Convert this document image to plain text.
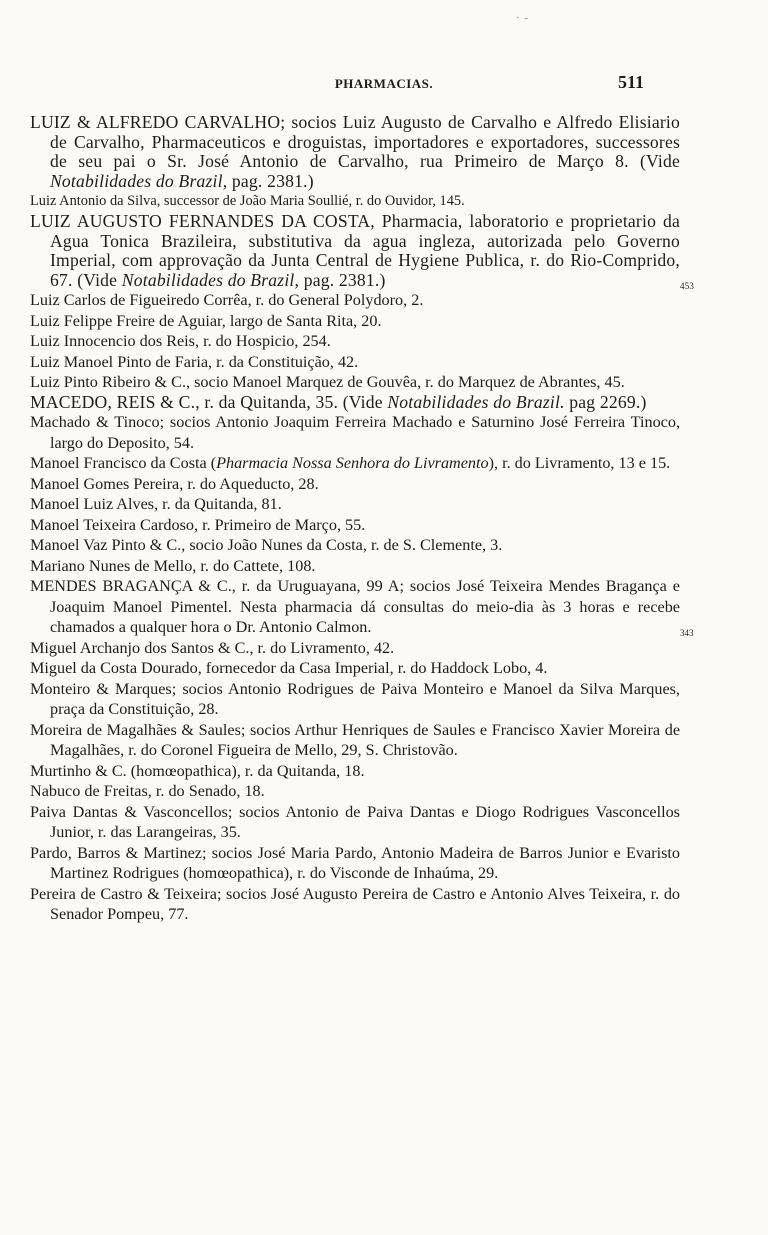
· -
PHARMACIAS.	511

LUIZ & ALFREDO CARVALHO; socios Luiz Augusto de Carvalho e Alfredo Elisiario de Carvalho, Pharmaceuticos e droguistas, importadores e exportadores, successores de seu pai o Sr. José Antonio de Carvalho, rua Primeiro de Março 8. (Vide Notabilidades do Brazil, pag. 2381.)

Luiz Antonio da Silva, successor de João Maria Soullié, r. do Ouvidor, 145.

LUIZ AUGUSTO FERNANDES DA COSTA, Pharmacia, laboratorio e proprietario da Agua Tonica Brazileira, substitutiva da agua ingleza, autorizada pelo Governo Imperial, com approvação da Junta Central de Hygiene Publica, r. do Rio-Comprido, 67. (Vide Notabilidades do Brazil, pag. 2381.)	453

Luiz Carlos de Figueiredo Corrêa, r. do General Polydoro, 2.

Luiz Felippe Freire de Aguiar, largo de Santa Rita, 20.

Luiz Innocencio dos Reis, r. do Hospicio, 254.

Luiz Manoel Pinto de Faria, r. da Constituição, 42.

Luiz Pinto Ribeiro & C., socio Manoel Marquez de Gouvêa, r. do Marquez de Abrantes, 45.

MACEDO, REIS & C., r. da Quitanda, 35. (Vide Notabilidades do Brazil. pag 2269.)

Machado & Tinoco; socios Antonio Joaquim Ferreira Machado e Saturnino José Ferreira Tinoco, largo do Deposito, 54.

Manoel Francisco da Costa (Pharmacia Nossa Senhora do Livramento), r. do Livramento, 13 e 15.

Manoel Gomes Pereira, r. do Aqueducto, 28.

Manoel Luiz Alves, r. da Quitanda, 81.

Manoel Teixeira Cardoso, r. Primeiro de Março, 55.

Manoel Vaz Pinto & C., socio João Nunes da Costa, r. de S. Clemente, 3.

Mariano Nunes de Mello, r. do Cattete, 108.

MENDES BRAGANÇA & C., r. da Uruguayana, 99 A; socios José Teixeira Mendes Bragança e Joaquim Manoel Pimentel. Nesta pharmacia dá consultas do meio-dia às 3 horas e recebe chamados a qualquer hora o Dr. Antonio Calmon.	343

Miguel Archanjo dos Santos & C., r. do Livramento, 42.

Miguel da Costa Dourado, fornecedor da Casa Imperial, r. do Haddock Lobo, 4.

Monteiro & Marques; socios Antonio Rodrigues de Paiva Monteiro e Manoel da Silva Marques, praça da Constituição, 28.

Moreira de Magalhães & Saules; socios Arthur Henriques de Saules e Francisco Xavier Moreira de Magalhães, r. do Coronel Figueira de Mello, 29, S. Christovão.

Murtinho & C. (homœopathica), r. da Quitanda, 18.

Nabuco de Freitas, r. do Senado, 18.

Paiva Dantas & Vasconcellos; socios Antonio de Paiva Dantas e Diogo Rodrigues Vasconcellos Junior, r. das Larangeiras, 35.

Pardo, Barros & Martinez; socios José Maria Pardo, Antonio Madeira de Barros Junior e Evaristo Martinez Rodrigues (homœopathica), r. do Visconde de Inhaúma, 29.

Pereira de Castro & Teixeira; socios José Augusto Pereira de Castro e Antonio Alves Teixeira, r. do Senador Pompeu, 77.
